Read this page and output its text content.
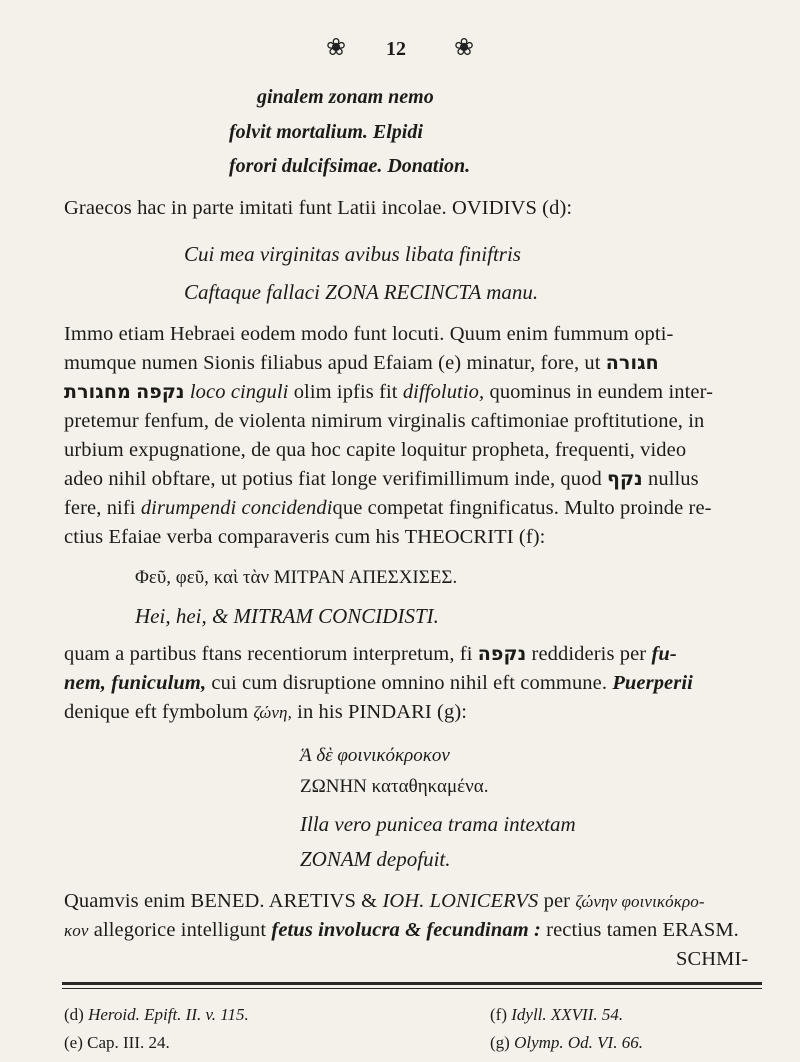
❀ 12 ❀
ginalem zonam nemo
folvit mortalium. Elpidi
forori dulcifsimae. Donation.
Graecos hac in parte imitati funt Latii incolae. OVIDIVS (d):
Cui mea virginitas avibus libata finiftris
Caftaque fallaci ZONA RECINCTA manu.
Immo etiam Hebraei eodem modo funt locuti. Quum enim fummum opti-
mumque numen Sionis filiabus apud Efaiam (e) minatur, fore, ut חגורה
נקפה מחגורת	loco cinguli olim ipfis fit diffolutio, quominus in eundem inter-
pretemur fenfum, de violenta nimirum virginalis caftimoniae proftitutione, in
urbium expugnatione, de qua hoc capite loquitur propheta, frequenti, video
adeo nihil obftare, ut potius fiat longe verifimillimum inde, quod נקף nullus
fere, nifi dirumpendi concidendique competat fingnificatus. Multo proinde re-
ctius Efaiae verba comparaveris cum his THEOCRITI (f):
Φεῦ, φεῦ, καὶ τὰν ΜΙΤΡΑΝ ΑΠΕΣΧΙΣΕΣ.
Hei, hei, & MITRAM CONCIDISTI.
quam a partibus ftans recentiorum interpretum, fi נקפה reddideris per fu-
nem, funiculum, cui cum disruptione omnino nihil eft commune. Puerperii
denique eft fymbolum ζώνη, in his PINDARI (g):
Ἁ δὲ φοινικόκροκον
ΖΩΝΗΝ καταθηκαμένα.
Illa vero punicea trama intextam
ZONAM depofuit.
Quamvis enim BENED. ARETIVS & IOH. LONICERVS per ζώνην φοινικόκρο-
κον allegorice intelligunt fetus involucra & fecundinam : rectius tamen ERASM.
SCHMI-
(d) Heroid. Epift. II. v. 115.
(e) Cap. III. 24.
(f) Idyll. XXVII. 54.
(g) Olymp. Od. VI. 66.
